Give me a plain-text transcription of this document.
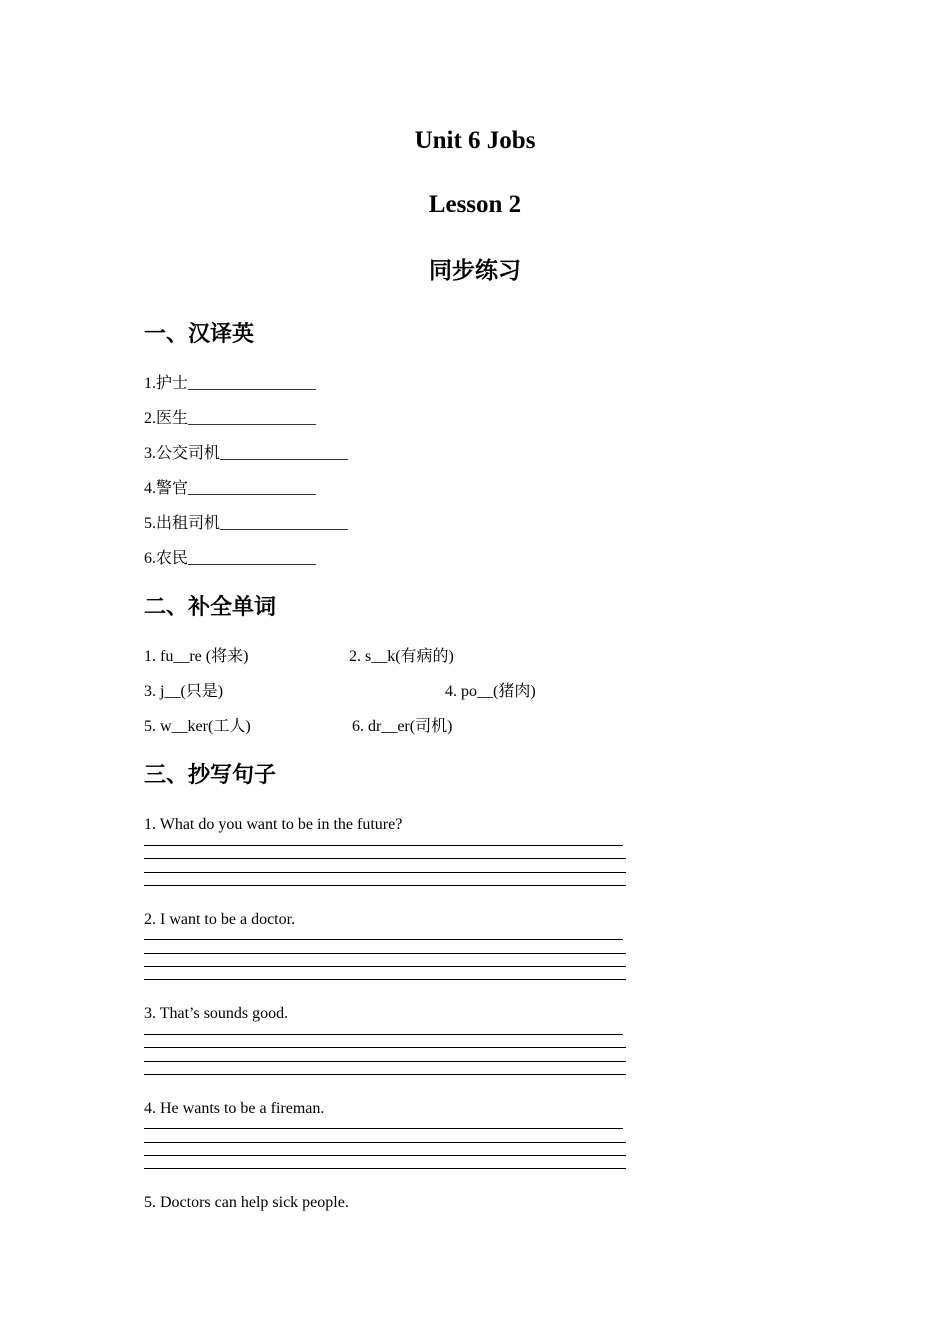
Unit 6 Jobs
Lesson 2
同步练习
一、汉译英
1.护士________________
2.医生________________
3.公交司机________________
4.警官________________
5.出租司机________________
6.农民________________
二、补全单词
1. fu__re (将来)	2. s__k(有病的)
3. j__(只是)	4. po__(猪肉)
5. w__ker(工人)	6. dr__er(司机)
三、抄写句子
1. What do you want to be in the future?
2. I want to be a doctor.
3. That’s sounds good.
4. He wants to be a fireman.
5. Doctors can help sick people.
